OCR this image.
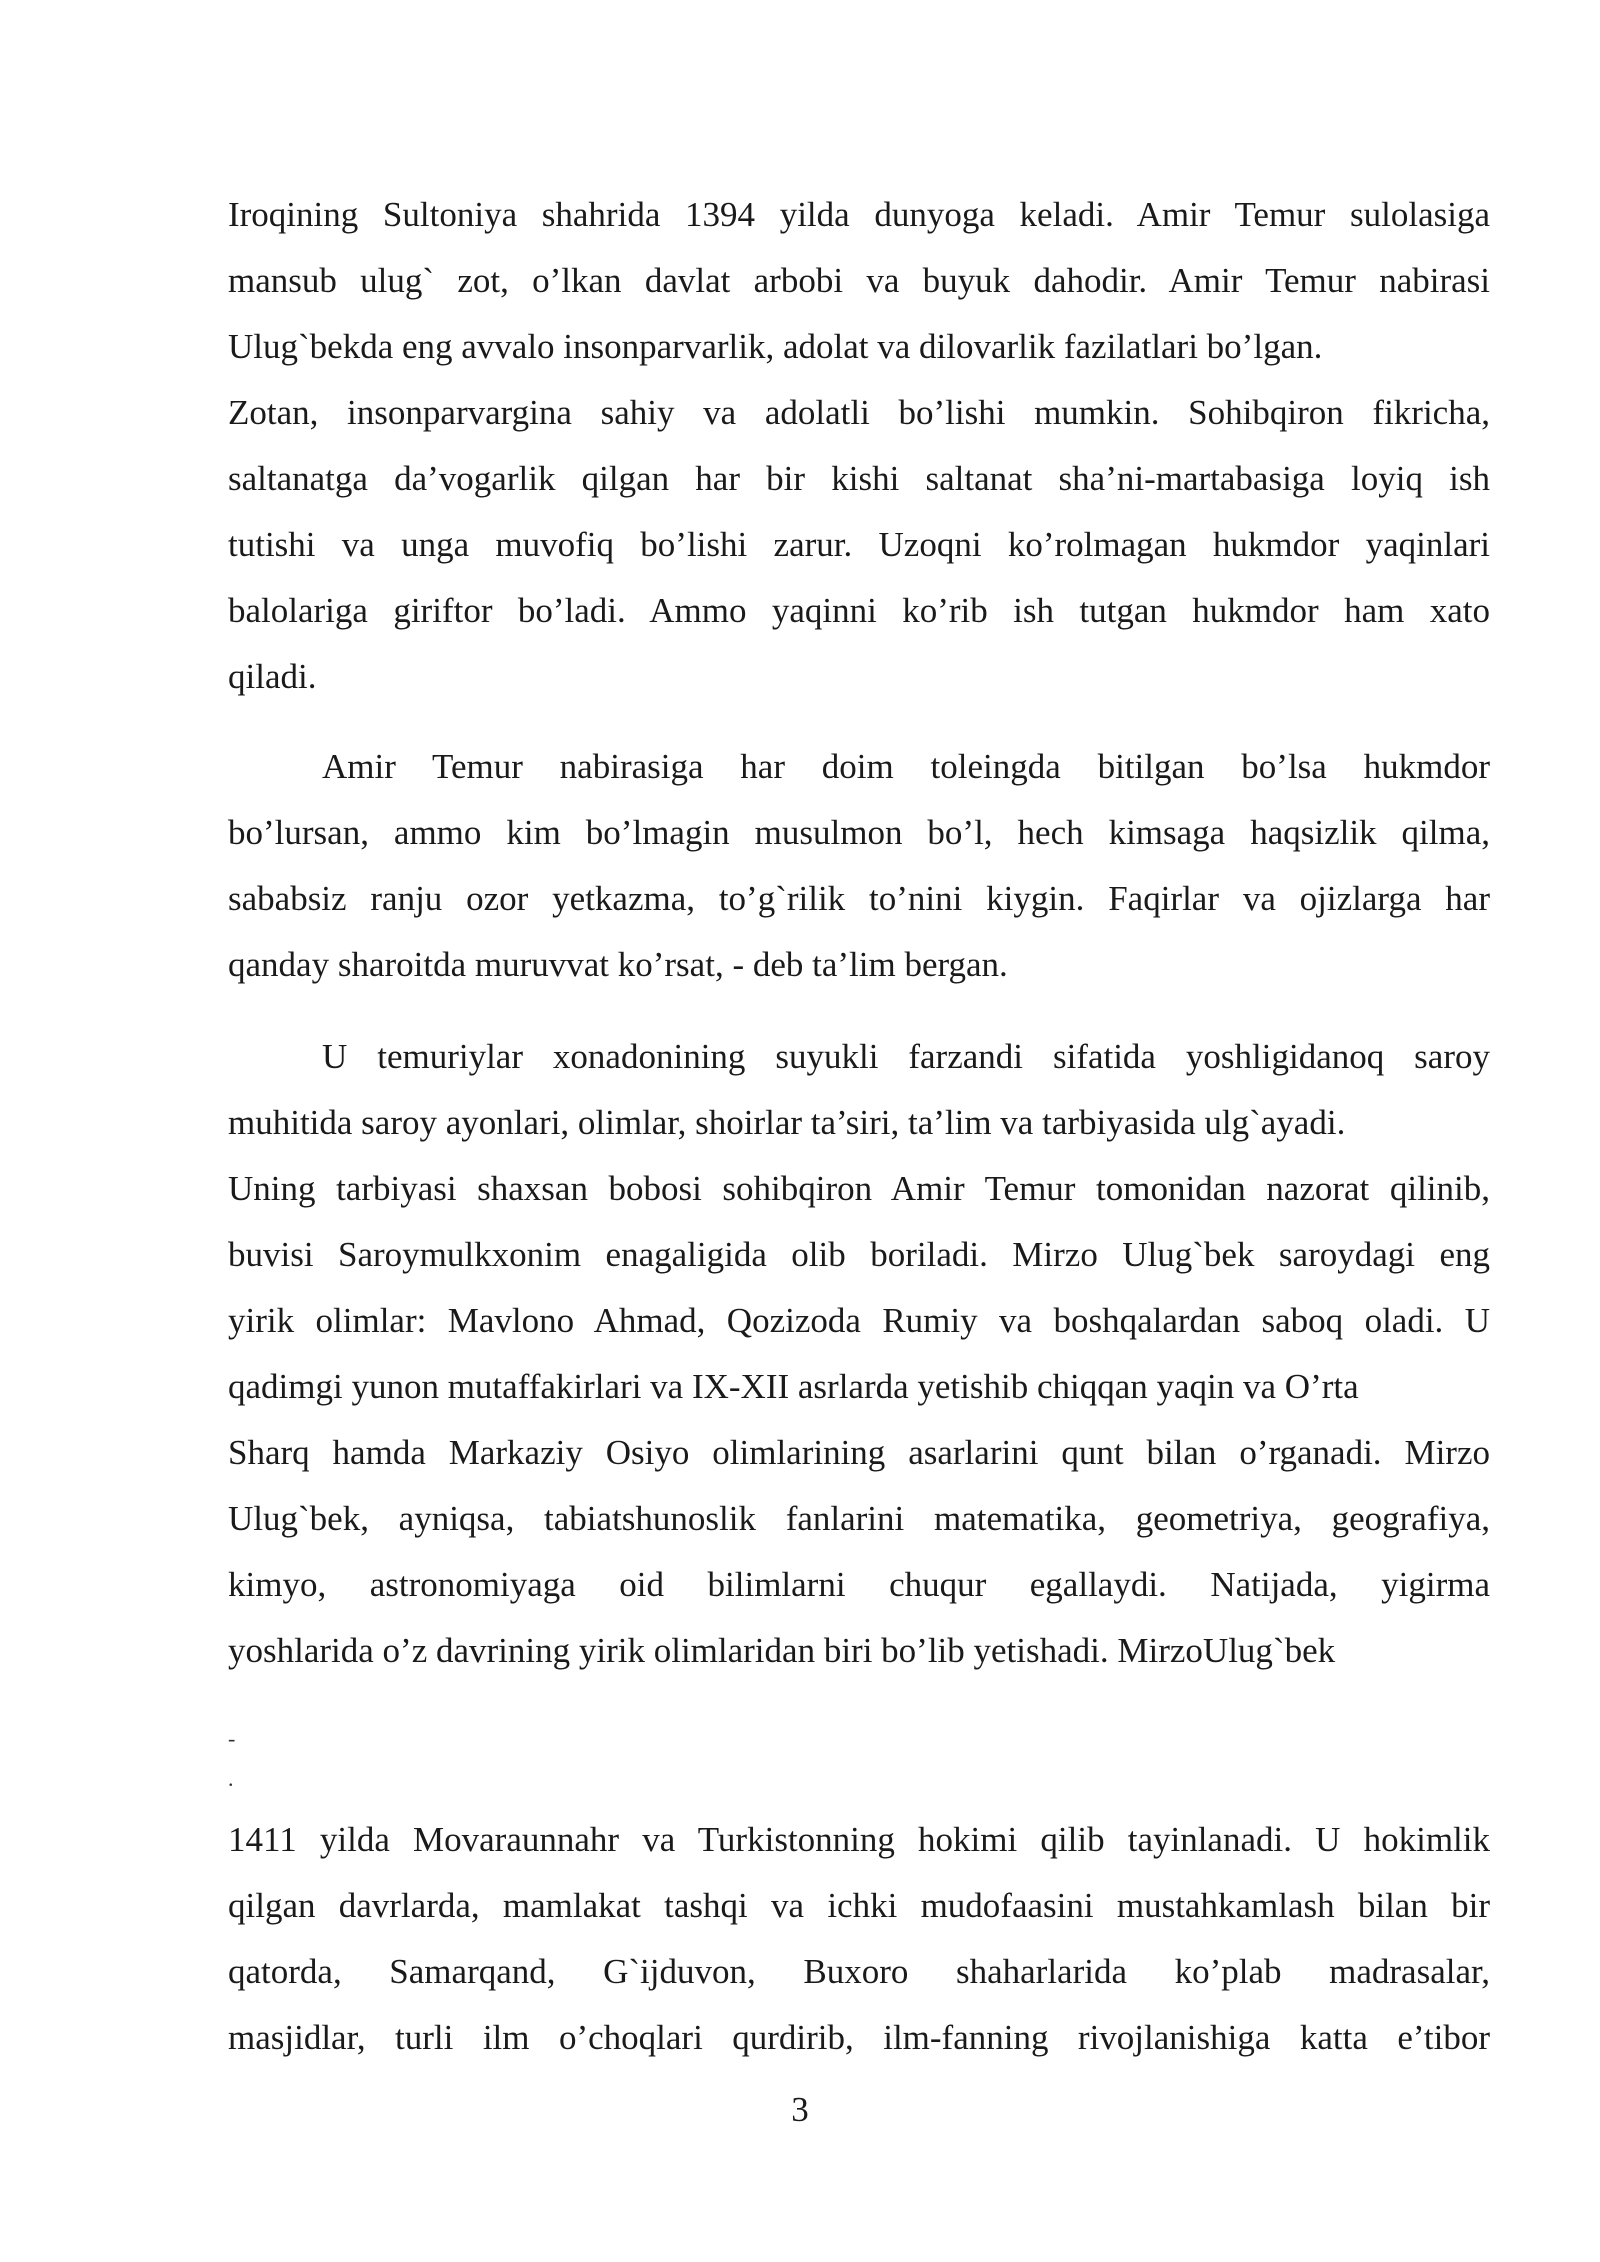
Iroqining Sultoniya shahrida 1394 yilda dunyoga keladi. Amir Temur sulolasiga
mansub ulug` zot, o’lkan davlat arbobi va buyuk dahodir. Amir Temur nabirasi
Ulug`bekda eng avvalo insonparvarlik, adolat va dilovarlik fazilatlari bo’lgan.
Zotan, insonparvargina sahiy va adolatli bo’lishi mumkin. Sohibqiron fikricha,
saltanatga da’vogarlik qilgan har bir kishi saltanat sha’ni-martabasiga loyiq ish
tutishi va unga muvofiq bo’lishi zarur. Uzoqni ko’rolmagan hukmdor yaqinlari
balolariga giriftor bo’ladi. Ammo yaqinni ko’rib ish tutgan hukmdor ham xato
qiladi.

Amir Temur nabirasiga har doim toleingda bitilgan bo’lsa hukmdor
bo’lursan, ammo kim bo’lmagin musulmon bo’l, hech kimsaga haqsizlik qilma,
sababsiz ranju ozor yetkazma, to’g`rilik to’nini kiygin. Faqirlar va ojizlarga har
qanday sharoitda muruvvat ko’rsat, - deb ta’lim bergan.

U temuriylar xonadonining suyukli farzandi sifatida yoshligidanoq saroy
muhitida saroy ayonlari, olimlar, shoirlar ta’siri, ta’lim va tarbiyasida ulg`ayadi.
Uning tarbiyasi shaxsan bobosi sohibqiron Amir Temur tomonidan nazorat qilinib,
buvisi Saroymulkxonim enagaligida olib boriladi. Mirzo Ulug`bek saroydagi eng
yirik olimlar: Mavlono Ahmad, Qozizoda Rumiy va boshqalardan saboq oladi. U
qadimgi yunon mutaffakirlari va IX-XII asrlarda yetishib chiqqan yaqin va O’rta
Sharq hamda Markaziy Osiyo olimlarining asarlarini qunt bilan o’rganadi. Mirzo
Ulug`bek, ayniqsa, tabiatshunoslik fanlarini matematika, geometriya, geografiya,
kimyo, astronomiyaga oid bilimlarni chuqur egallaydi. Natijada, yigirma
yoshlarida o’z davrining yirik olimlaridan biri bo’lib yetishadi. MirzoUlug`bek

-
.

1411 yilda Movaraunnahr va Turkistonning hokimi qilib tayinlanadi. U hokimlik
qilgan davrlarda, mamlakat tashqi va ichki mudofaasini mustahkamlash bilan bir
qatorda, Samarqand, G`ijduvon, Buxoro shaharlarida ko’plab madrasalar,
masjidlar, turli ilm o’choqlari qurdirib, ilm-fanning rivojlanishiga katta e’tibor

3
